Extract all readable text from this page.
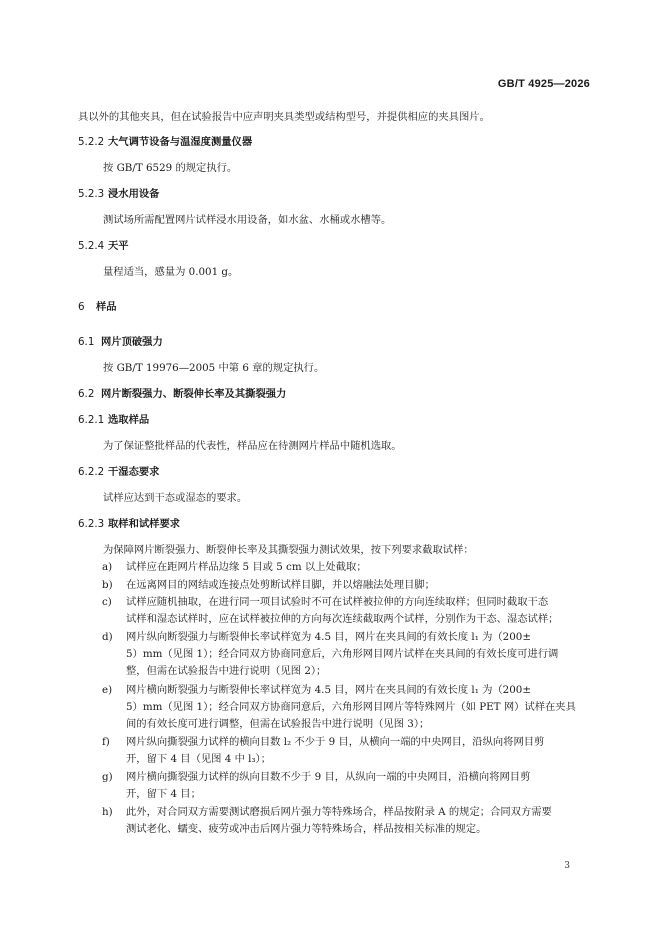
GB/T 4925—2026
具以外的其他夹具，但在试验报告中应声明夹具类型或结构型号，并提供相应的夹具图片。
5.2.2 大气调节设备与温湿度测量仪器
按 GB/T 6529 的规定执行。
5.2.3 浸水用设备
测试场所需配置网片试样浸水用设备，如水盆、水桶或水槽等。
5.2.4 天平
量程适当，感量为 0.001 g。
6 样品
6.1 网片顶破强力
按 GB/T 19976—2005 中第 6 章的规定执行。
6.2 网片断裂强力、断裂伸长率及其撕裂强力
6.2.1 选取样品
为了保证整批样品的代表性，样品应在待测网片样品中随机选取。
6.2.2 干湿态要求
试样应达到干态或湿态的要求。
6.2.3 取样和试样要求
为保障网片断裂强力、断裂伸长率及其撕裂强力测试效果，按下列要求截取试样：
a)	试样应在距网片样品边缘 5 目或 5 cm 以上处截取；
b)	在远离网目的网结或连接点处剪断试样目脚，并以熔融法处理目脚；
c)	试样应随机抽取，在进行同一项目试验时不可在试样被拉伸的方向连续取样；但同时截取干态
试样和湿态试样时，应在试样被拉伸的方向每次连续截取两个试样，分别作为干态、湿态试样；
d)	网片纵向断裂强力与断裂伸长率试样宽为 4.5 目，网片在夹具间的有效长度 l₁ 为（200±
5）mm（见图 1）；经合同双方协商同意后，六角形网目网片试样在夹具间的有效长度可进行调
整，但需在试验报告中进行说明（见图 2）；
e)	网片横向断裂强力与断裂伸长率试样宽为 4.5 目，网片在夹具间的有效长度 l₁ 为（200±
5）mm（见图 1）；经合同双方协商同意后，六角形网目网片等特殊网片（如 PET 网）试样在夹具
间的有效长度可进行调整，但需在试验报告中进行说明（见图 3）；
f)	网片纵向撕裂强力试样的横向目数 l₂ 不少于 9 目，从横向一端的中央网目，沿纵向将网目剪
开，留下 4 目（见图 4 中 l₃）；
g)	网片横向撕裂强力试样的纵向目数不少于 9 目，从纵向一端的中央网目，沿横向将网目剪
开，留下 4 目；
h)	此外，对合同双方需要测试磨损后网片强力等特殊场合，样品按附录 A 的规定；合同双方需要
测试老化、蠕变、疲劳或冲击后网片强力等特殊场合，样品按相关标准的规定。
3
